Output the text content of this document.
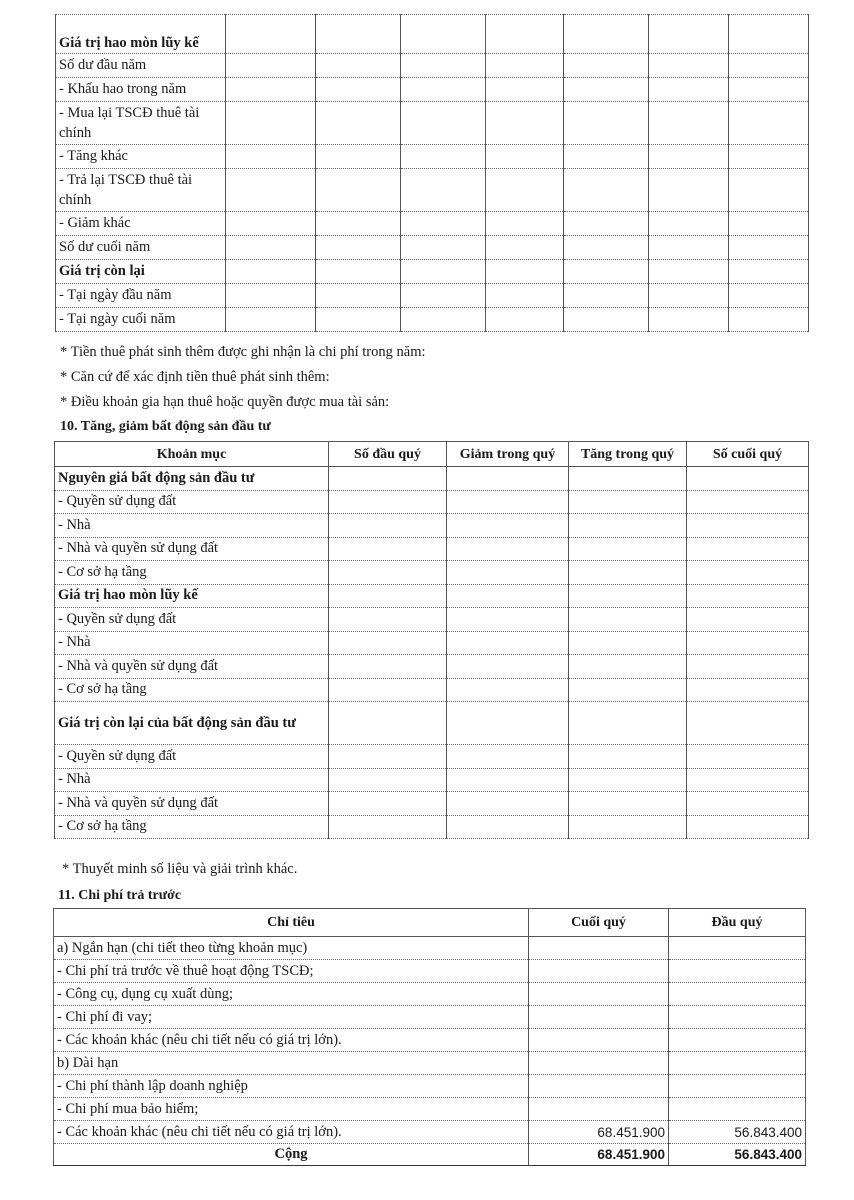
Giá trị hao mòn lũy kế							
Số dư đầu năm							
- Khấu hao trong năm							
- Mua lại TSCĐ thuê tài chính							
- Tăng khác							
- Trả lại TSCĐ thuê tài chính							
- Giảm khác							
Số dư cuối năm							
Giá trị còn lại							
- Tại ngày đầu năm							
- Tại ngày cuối năm							
* Tiền thuê phát sinh thêm được ghi nhận là chi phí trong năm:
* Căn cứ để xác định tiền thuê phát sinh thêm:
* Điều khoản gia hạn thuê hoặc quyền được mua tài sản:
10. Tăng, giảm bất động sản đầu tư
Khoản mục	Số đầu quý	Giảm trong quý	Tăng trong quý	Số cuối quý
Nguyên giá bất động sản đầu tư				
- Quyền sử dụng đất				
- Nhà				
- Nhà và quyền sử dụng đất				
- Cơ sở hạ tầng				
Giá trị hao mòn lũy kế				
- Quyền sử dụng đất				
- Nhà				
- Nhà và quyền sử dụng đất				
- Cơ sở hạ tầng				
Giá trị còn lại của bất động sản đầu tư				
- Quyền sử dụng đất				
- Nhà				
- Nhà và quyền sử dụng đất				
- Cơ sở hạ tầng				
* Thuyết minh số liệu và giải trình khác.
11. Chi phí trả trước
Chỉ tiêu	Cuối quý	Đầu quý
a) Ngắn hạn (chi tiết theo từng khoản mục)		
- Chi phí trả trước về thuê hoạt động TSCĐ;		
- Công cụ, dụng cụ xuất dùng;		
- Chi phí đi vay;		
- Các khoản khác (nêu chi tiết nếu có giá trị lớn).		
b) Dài hạn		
- Chi phí thành lập doanh nghiệp		
- Chi phí mua bảo hiểm;		
- Các khoản khác (nêu chi tiết nếu có giá trị lớn).	68.451.900	56.843.400
Cộng	68.451.900	56.843.400
